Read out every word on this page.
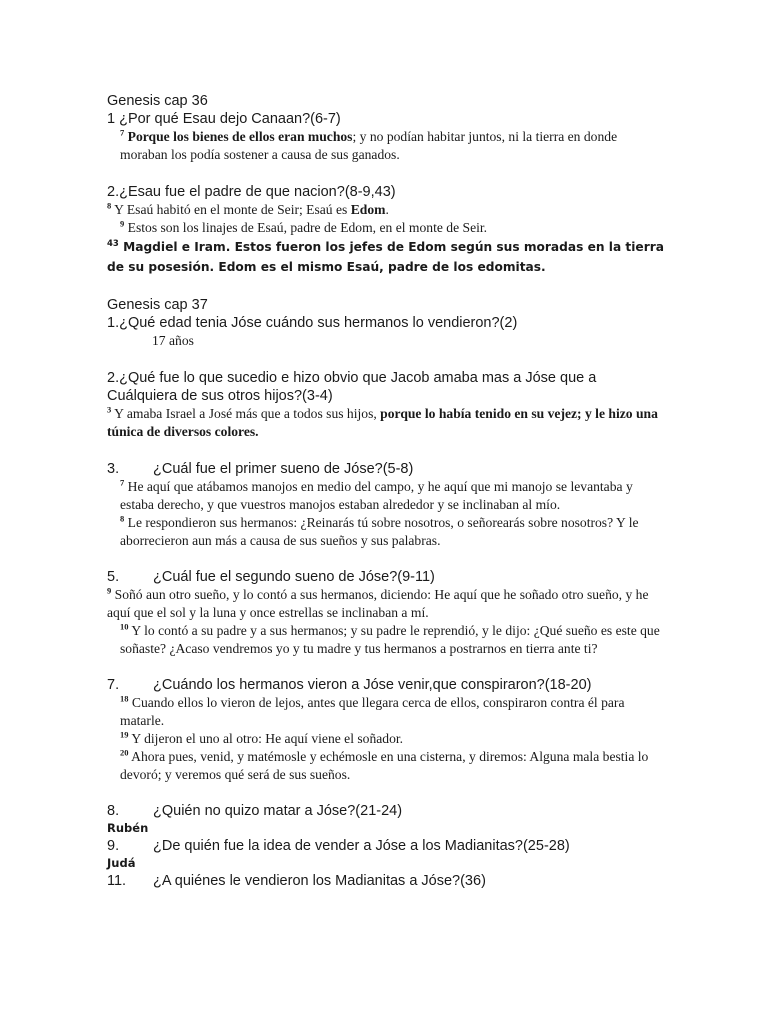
Genesis cap 36

1 ¿Por qué Esau dejo Canaan?(6-7)

$^7$ Porque los bienes de ellos eran muchos; y no podían habitar juntos, ni la tierra en donde moraban los podía sostener a causa de sus ganados.

2.¿Esau fue el padre de que nacion?(8-9,43)

$^8$ Y Esaú habitó en el monte de Seir; Esaú es Edom.

$^9$ Estos son los linajes de Esaú, padre de Edom, en el monte de Seir.

$^{43}$ Magdiel e Iram. Estos fueron los jefes de Edom según sus moradas en la tierra de su posesión. Edom es el mismo Esaú, padre de los edomitas.

Genesis cap 37

1.¿Qué edad tenia Jóse cuándo sus hermanos lo vendieron?(2)

17 años

2.¿Qué fue lo que sucedio e hizo obvio que Jacob amaba mas a Jóse que a Cuálquiera de sus otros hijos?(3-4)

$^3$ Y amaba Israel a José más que a todos sus hijos, porque lo había tenido en su vejez; y le hizo una túnica de diversos colores.

3. ¿Cuál fue el primer sueno de Jóse?(5-8)

$^7$ He aquí que atábamos manojos en medio del campo, y he aquí que mi manojo se levantaba y estaba derecho, y que vuestros manojos estaban alrededor y se inclinaban al mío.

$^8$ Le respondieron sus hermanos: ¿Reinarás tú sobre nosotros, o señorearás sobre nosotros? Y le aborrecieron aun más a causa de sus sueños y sus palabras.

5. ¿Cuál fue el segundo sueno de Jóse?(9-11)

$^9$ Soñó aun otro sueño, y lo contó a sus hermanos, diciendo: He aquí que he soñado otro sueño, y he aquí que el sol y la luna y once estrellas se inclinaban a mí.

$^{10}$ Y lo contó a su padre y a sus hermanos; y su padre le reprendió, y le dijo: ¿Qué sueño es este que soñaste? ¿Acaso vendremos yo y tu madre y tus hermanos a postrarnos en tierra ante ti?

7. ¿Cuándo los hermanos vieron a Jóse venir,que conspiraron?(18-20)

$^{18}$ Cuando ellos lo vieron de lejos, antes que llegara cerca de ellos, conspiraron contra él para matarle.

$^{19}$ Y dijeron el uno al otro: He aquí viene el soñador.

$^{20}$ Ahora pues, venid, y matémosle y echémosle en una cisterna, y diremos: Alguna mala bestia lo devoró; y veremos qué será de sus sueños.

8. ¿Quién no quizo matar a Jóse?(21-24)

Rubén

9. ¿De quién fue la idea de vender a Jóse a los Madianitas?(25-28)

Judá

11. ¿A quiénes le vendieron los Madianitas a Jóse?(36)
